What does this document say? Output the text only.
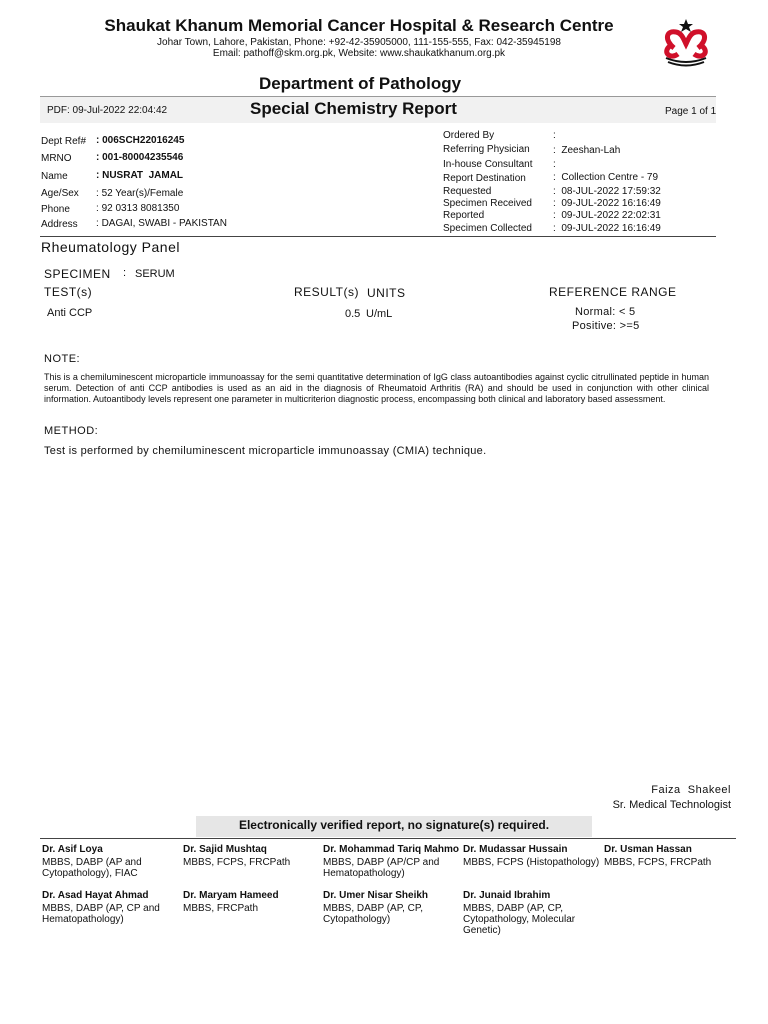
Shaukat Khanum Memorial Cancer Hospital & Research Centre
Johar Town, Lahore, Pakistan, Phone: +92-42-35905000, 111-155-555, Fax: 042-35945198
Email: pathoff@skm.org.pk, Website: www.shaukatkhanum.org.pk
Department of Pathology
PDF: 09-Jul-2022 22:04:42	Special Chemistry Report	Page 1 of 1
Dept Ref# : 006SCH22016245
MRNO : 001-80004235546
Name	: NUSRAT  JAMAL
Age/Sex : 52 Year(s)/Female
Phone	: 92 0313 8081350
Address : DAGAI, SWABI - PAKISTAN
Ordered By	:
Referring Physician :  Zeeshan-Lah
In-house Consultant :
Report Destination	:  Collection Centre - 79
Requested	:  08-JUL-2022 17:59:32
Specimen Received :  09-JUL-2022 16:16:49
Reported	:  09-JUL-2022 22:02:31
Specimen Collected :  09-JUL-2022 16:16:49
Rheumatology Panel
SPECIMEN : SERUM
TEST(s)	RESULT(s) UNITS	REFERENCE RANGE
Anti CCP	0.5 U/mL	Normal: < 5
Positive: >=5
NOTE:
This is a chemiluminescent microparticle immunoassay for the semi quantitative determination of IgG class autoantibodies against cyclic citrullinated peptide in human serum. Detection of anti CCP antibodies is used as an aid in the diagnosis of Rheumatoid Arthritis (RA) and should be used in conjunction with other clinical information. Autoantibody levels represent one parameter in multicriterion diagnostic process, encompassing both clinical and laboratory based assessment.
METHOD:
Test is performed by chemiluminescent microparticle immunoassay (CMIA) technique.
Faiza  Shakeel
Sr. Medical Technologist
Electronically verified report, no signature(s) required.
Dr. Asif Loya
MBBS, DABP (AP and Cytopathology), FIAC
Dr. Sajid Mushtaq
MBBS, FCPS, FRCPath
Dr. Mohammad Tariq Mahmo
MBBS, DABP (AP/CP and Hematopathology)
Dr. Mudassar Hussain
MBBS, FCPS (Histopathology)
Dr. Usman Hassan
MBBS, FCPS, FRCPath
Dr. Asad Hayat Ahmad
MBBS, DABP (AP, CP and Hematopathology)
Dr. Maryam Hameed
MBBS, FRCPath
Dr. Umer Nisar Sheikh
MBBS, DABP (AP, CP, Cytopathology)
Dr. Junaid Ibrahim
MBBS, DABP (AP, CP, Cytopathology, Molecular Genetic)
